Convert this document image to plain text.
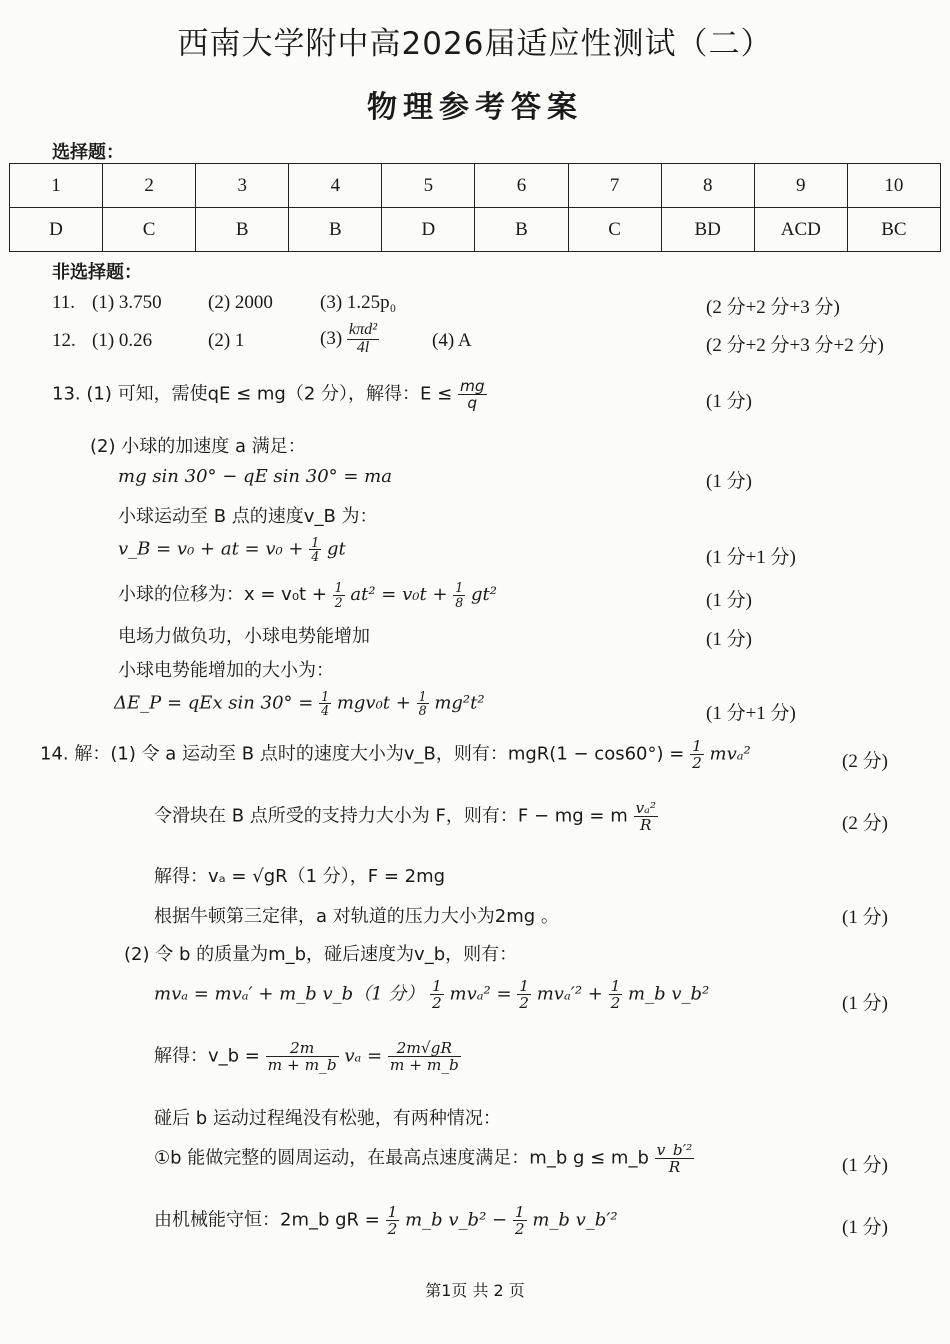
西南大学附中高2026届适应性测试（二）
物理参考答案
选择题：
1	2	3	4	5	6	7	8	9	10
D	C	B	B	D	B	C	BD	ACD	BC
非选择题：
11. (1) 3.750 (2) 2000 (3) 1.25p₀	(2 分+2 分+3 分)
12. (1) 0.26	(2) 1	$(3) \frac{\text{kπd²}}{4l}$	(4) A	(2 分+2 分+3 分+2 分)
13. (1) 可知，需使qE ≤ mg（2 分），解得：$E \le \frac{mg}{q}$	(1 分)
(2) 小球的加速度 a 满足：
mg sin 30° − qE sin 30° = ma	(1 分)
小球运动至 B 点的速度v_B 为：
v_B = v₀ + at = $v_0 + \frac{1}{4}$ gt	(1 分+1 分)
小球的位移为：$x = v_0t + \frac{1}{2} at^2 = v_0t + \frac{1}{8} gt^2$	(1 分)
电场力做负功，小球电势能增加	(1 分)
小球电势能增加的大小为：
ΔE_P = qEx $\sin 30^\circ = \frac{1}{4} mgv_0t + \frac{1}{8} mg^2t^2$	(1 分+1 分)
14. 解：(1) 令 a 运动至 B 点时的速度大小为v_B，则有：$mgR(1 - \cos 60^\circ) = \frac{1}{2} mv_a^2$	(2 分)
令滑块在 B 点所受的支持力大小为 F，则有：F − mg = m $\frac{\text{vₐ²}}{R}$	(2 分)
解得：vₐ = √gR（1 分），F = 2mg
根据牛顿第三定律，a 对轨道的压力大小为2mg 。	(1 分)
(2) 令 b 的质量为m_b，碰后速度为v_b，则有：
mvₐ = mvₐ′ + m_b v_b（1 分） $\frac{1}{2} mv_a^2 = \frac{1}{2} mv_a'^2 + \frac{1}{2}$ m_b v_b²	(1 分)
解得：v_b = $\frac{2m}{m + m\_b}$ $v_a = \frac{2m√gR}{m + m\_b}$
碰后 b 运动过程绳没有松驰，有两种情况：
①b 能做完整的圆周运动，在最高点速度满足：m_b g ≤ m_b $\frac{\text{v\_b′²}}{R}$	(1 分)
由机械能守恒：2m_b gR = $\frac{1}{2}$ m_b v_b² − $\frac{1}{2}$ m_b v_b′²	(1 分)
第1页 共 2 页
